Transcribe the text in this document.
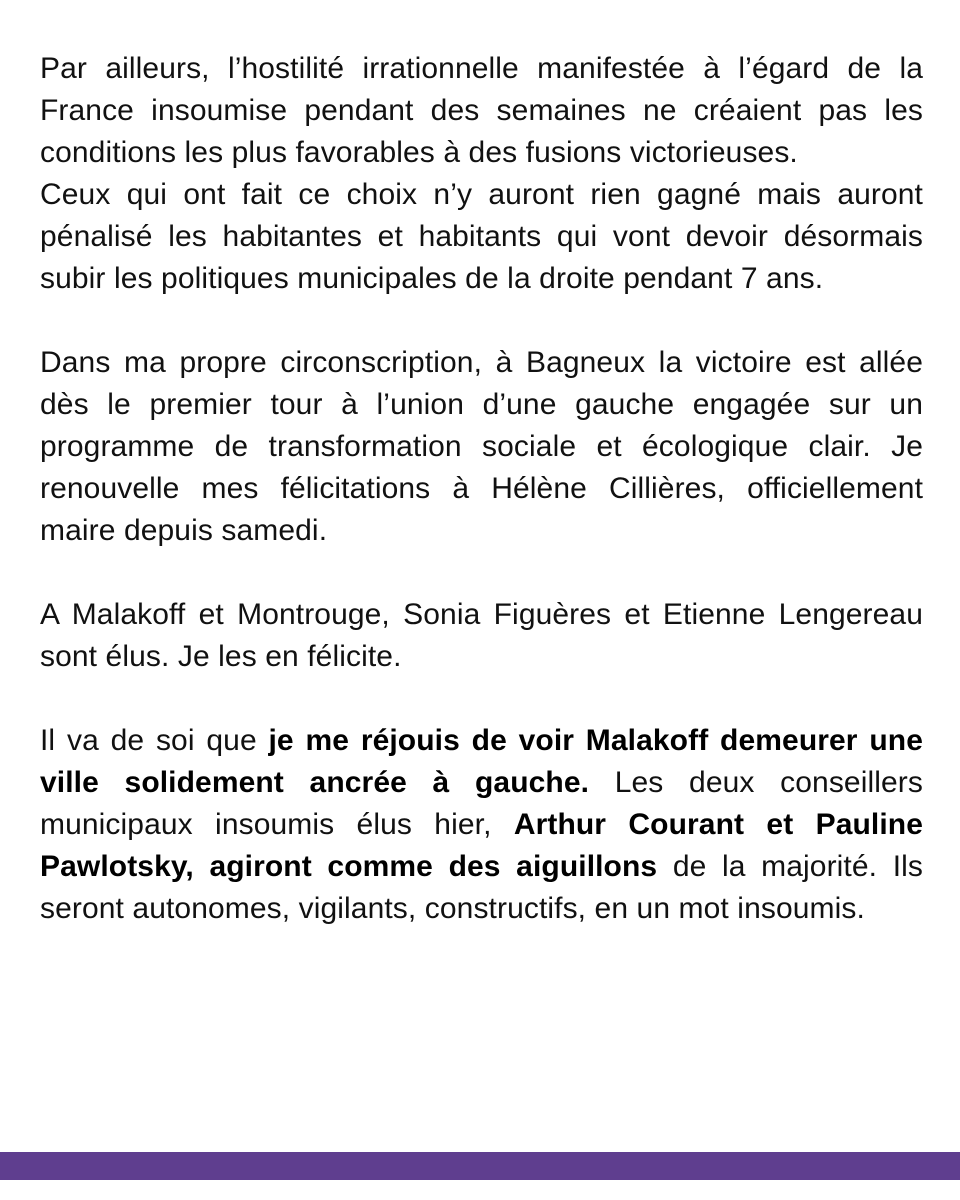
Par ailleurs, l’hostilité irrationnelle manifestée à l’égard de la France insoumise pendant des semaines ne créaient pas les conditions les plus favorables à des fusions victorieuses.

Ceux qui ont fait ce choix n’y auront rien gagné mais auront pénalisé les habitantes et habitants qui vont devoir désormais subir les politiques municipales de la droite pendant 7 ans.

Dans ma propre circonscription, à Bagneux la victoire est allée dès le premier tour à l’union d’une gauche engagée sur un programme de transformation sociale et écologique clair. Je renouvelle mes félicitations à Hélène Cillières, officiellement maire depuis samedi.

A Malakoff et Montrouge, Sonia Figuères et Etienne Lengereau sont élus. Je les en félicite.

Il va de soi que je me réjouis de voir Malakoff demeurer une ville solidement ancrée à gauche. Les deux conseillers municipaux insoumis élus hier, Arthur Courant et Pauline Pawlotsky, agiront comme des aiguillons de la majorité. Ils seront autonomes, vigilants, constructifs, en un mot insoumis.
